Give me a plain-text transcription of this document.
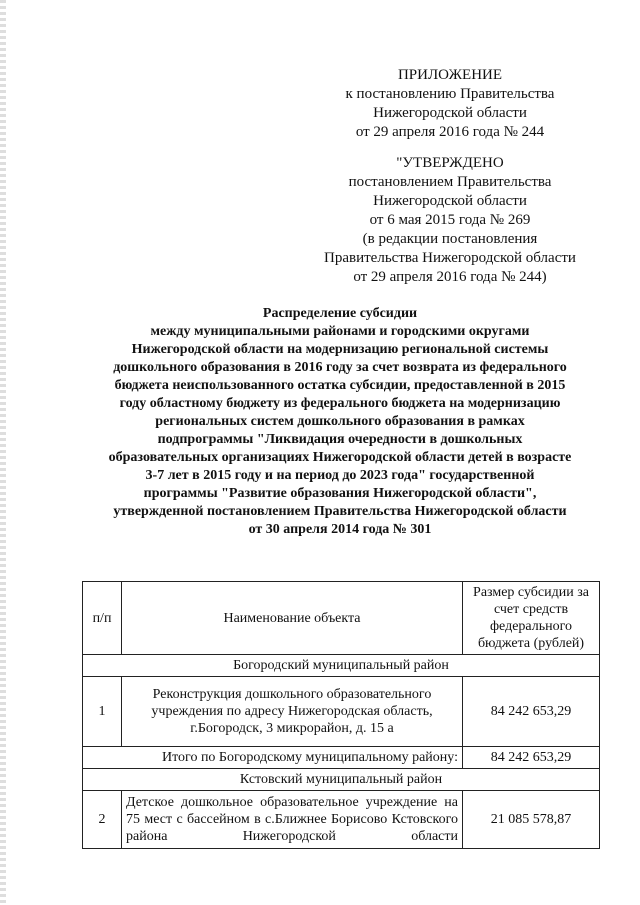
ПРИЛОЖЕНИЕ
к постановлению Правительства
Нижегородской области
от 29 апреля 2016 года № 244
"УТВЕРЖДЕНО
постановлением Правительства
Нижегородской области
от 6 мая 2015 года № 269
(в редакции постановления
Правительства Нижегородской области
от 29 апреля 2016 года № 244)
Распределение субсидии
между муниципальными районами и городскими округами
Нижегородской области на модернизацию региональной системы
дошкольного образования в 2016 году за счет возврата из федерального
бюджета неиспользованного остатка субсидии, предоставленной в 2015
году областному бюджету из федерального бюджета на модернизацию
региональных систем дошкольного образования в рамках
подпрограммы "Ликвидация очередности в дошкольных
образовательных организациях Нижегородской области детей в возрасте
3-7 лет в 2015 году и на период до 2023 года" государственной
программы "Развитие образования Нижегородской области",
утвержденной постановлением Правительства Нижегородской области
от 30 апреля 2014 года № 301
п/п	Наименование объекта	Размер субсидии за счет средств федерального бюджета (рублей)
Богородский муниципальный район		
1	Реконструкция дошкольного образовательного учреждения по адресу Нижегородская область, г.Богородск, 3 микрорайон, д. 15 а	84 242 653,29
Итого по Богородскому муниципальному району:		84 242 653,29
Кстовский муниципальный район		
2	Детское дошкольное образовательное учреждение на 75 мест с бассейном в с.Ближнее Борисово Кстовского района Нижегородской области	21 085 578,87
